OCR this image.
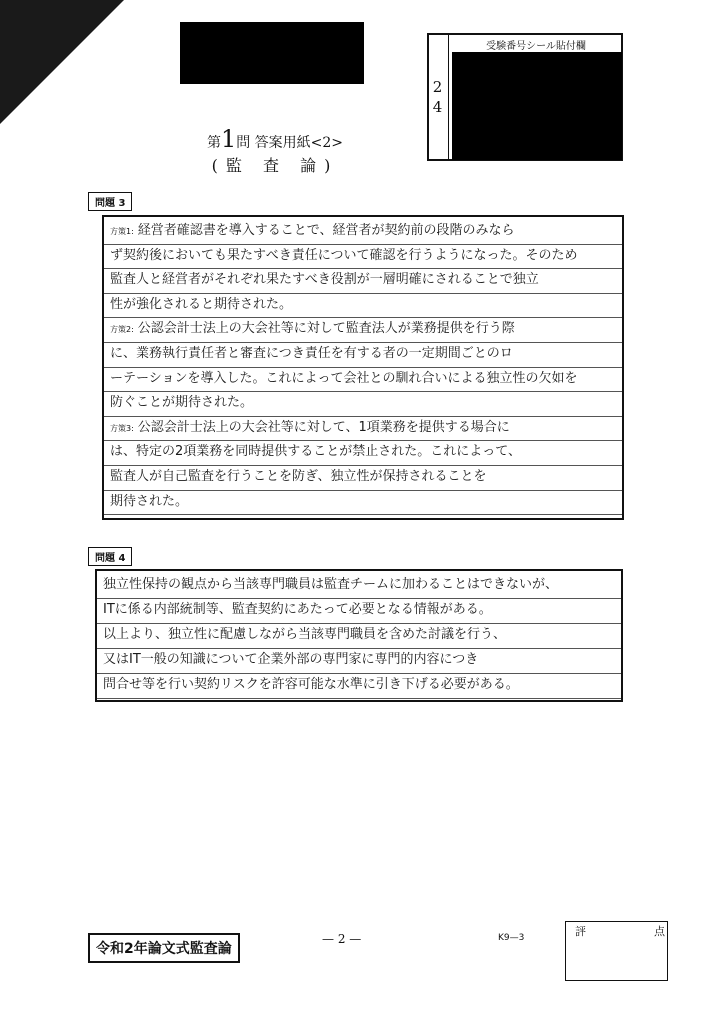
第1問 答案用紙<2>
(監 査 論)
2
4
受験番号シール貼付欄
問題 3
方策1: 経営者確認書を導入することで、経営者が契約前の段階のみなら
ず契約後においても果たすべき責任について確認を行うようになった。そのため
監査人と経営者がそれぞれ果たすべき役割が一層明確にされることで独立
性が強化されると期待された。
方策2: 公認会計士法上の大会社等に対して監査法人が業務提供を行う際
に、業務執行責任者と審査につき責任を有する者の一定期間ごとのロ
ーテーションを導入した。これによって会社との馴れ合いによる独立性の欠如を
防ぐことが期待された。
方策3: 公認会計士法上の大会社等に対して、1項業務を提供する場合に
は、特定の2項業務を同時提供することが禁止された。これによって、
監査人が自己監査を行うことを防ぎ、独立性が保持されることを
期待された。
問題 4
独立性保持の観点から当該専門職員は監査チームに加わることはできないが、
ITに係る内部統制等、監査契約にあたって必要となる情報がある。
以上より、独立性に配慮しながら当該専門職員を含めた討議を行う、
又はIT一般の知識について企業外部の専門家に専門的内容につき
問合せ等を行い契約リスクを許容可能な水準に引き下げる必要がある。
令和2年論文式監査論
— 2 —	K9—3	評	点
